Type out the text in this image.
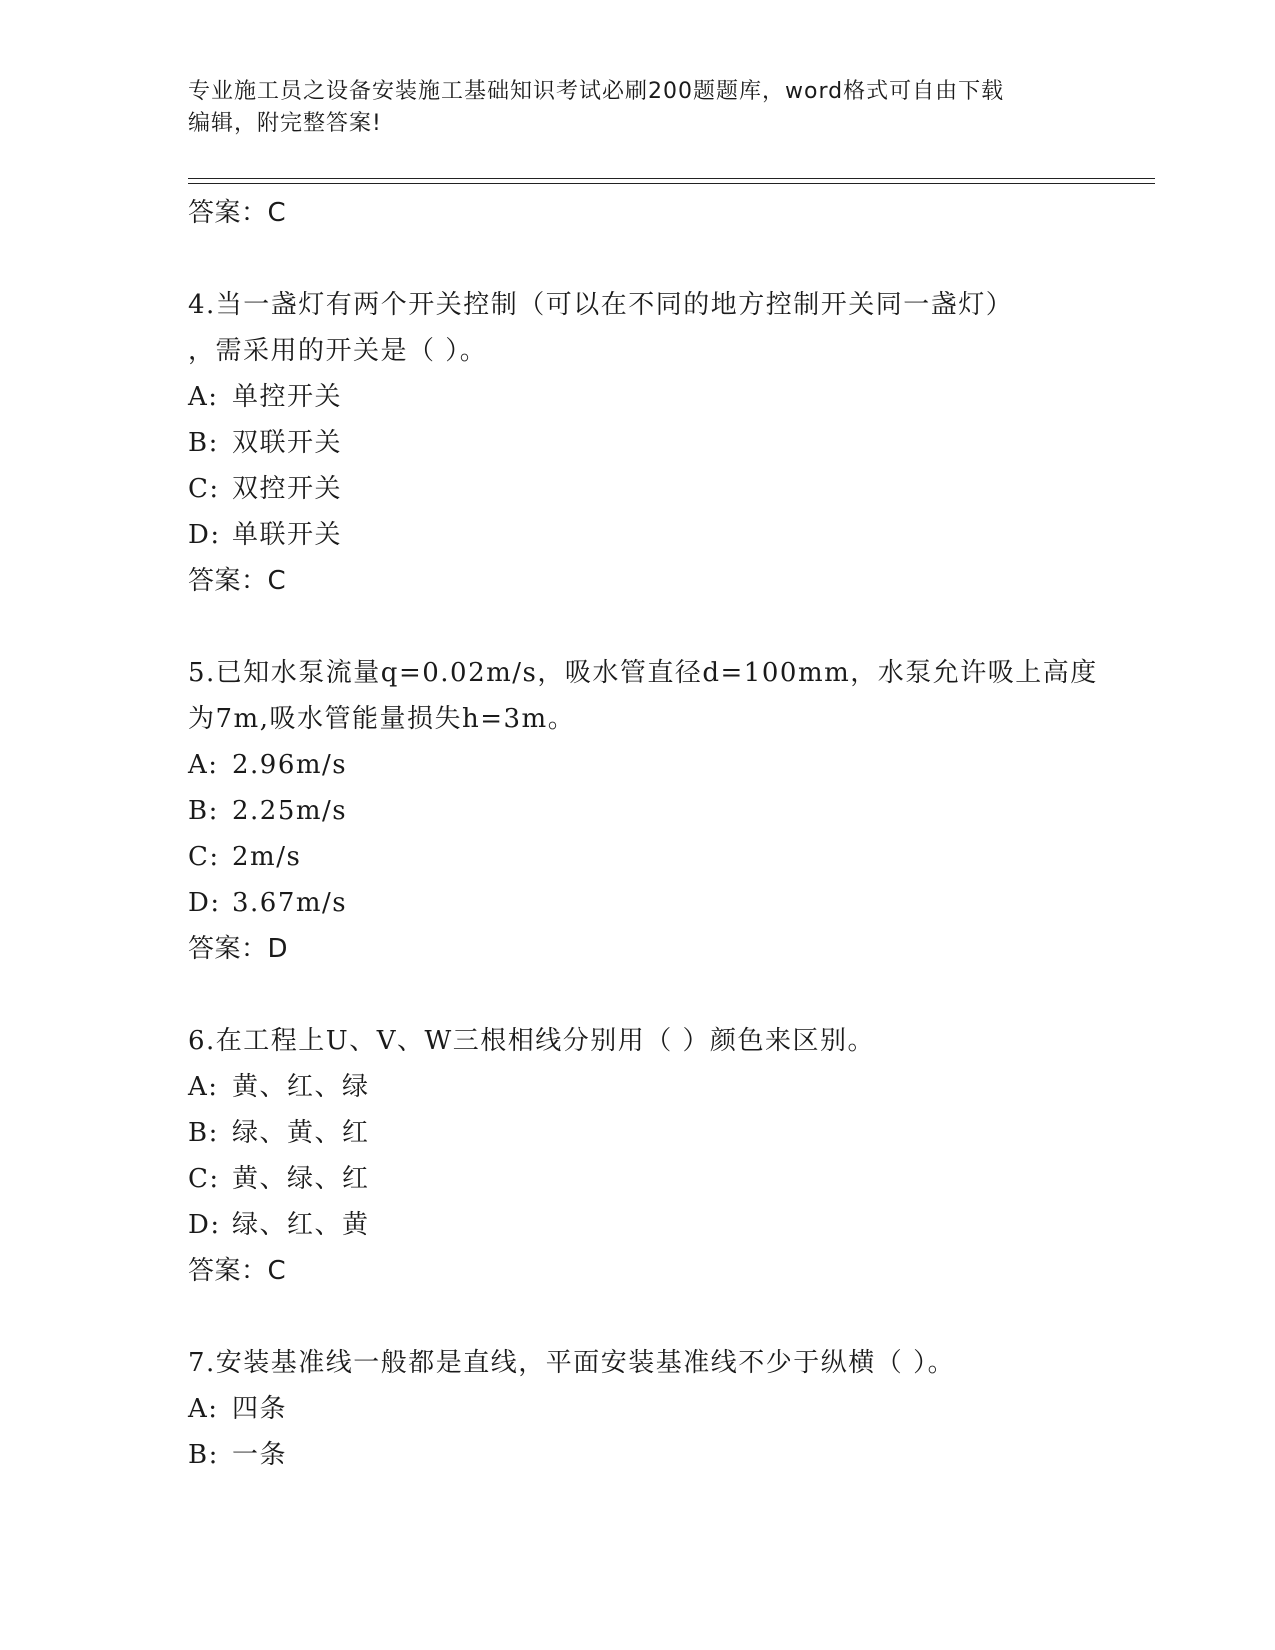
专业施工员之设备安装施工基础知识考试必刷200题题库，word格式可自由下载
编辑，附完整答案!
答案：C
4.当一盏灯有两个开关控制（可以在不同的地方控制开关同一盏灯）
，需采用的开关是（ ）。
A: 单控开关
B: 双联开关
C: 双控开关
D: 单联开关
答案：C
5.已知水泵流量q=0.02m/s，吸水管直径d=100mm，水泵允许吸上高度
为7m,吸水管能量损失h=3m。
A: 2.96m/s
B: 2.25m/s
C: 2m/s
D: 3.67m/s
答案：D
6.在工程上U、V、W三根相线分别用（ ）颜色来区别。
A: 黄、红、绿
B: 绿、黄、红
C: 黄、绿、红
D: 绿、红、黄
答案：C
7.安装基准线一般都是直线，平面安装基准线不少于纵横（ ）。
A: 四条
B: 一条
